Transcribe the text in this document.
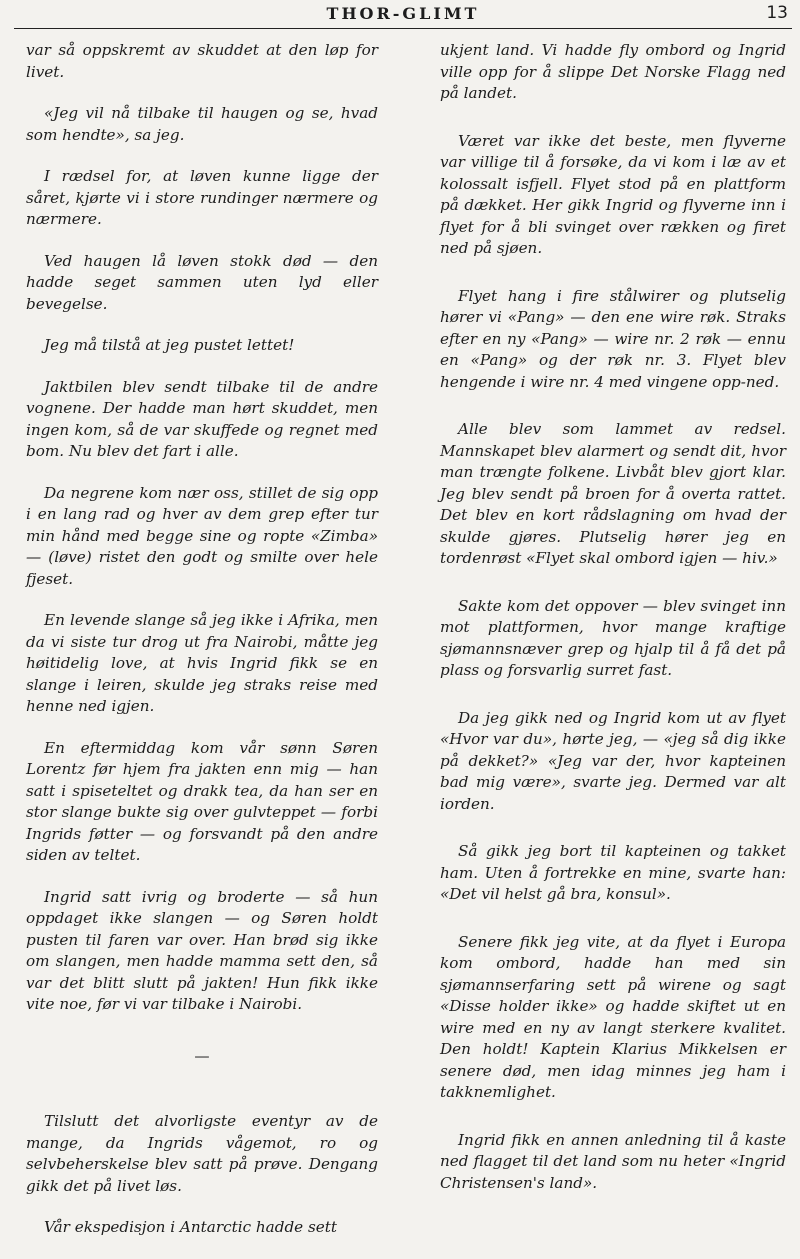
THOR-GLIMT	13

var så oppskremt av skuddet at den løp for livet.

«Jeg vil nå tilbake til haugen og se, hvad som hendte», sa jeg.

I rædsel for, at løven kunne ligge der såret, kjørte vi i store rundinger nærmere og nærmere.

Ved haugen lå løven stokk død — den hadde seget sammen uten lyd eller bevegelse.

Jeg må tilstå at jeg pustet lettet!

Jaktbilen blev sendt tilbake til de andre vognene. Der hadde man hørt skuddet, men ingen kom, så de var skuffede og regnet med bom. Nu blev det fart i alle.

Da negrene kom nær oss, stillet de sig opp i en lang rad og hver av dem grep efter tur min hånd med begge sine og ropte «Zimba» — (løve) ristet den godt og smilte over hele fjeset.

En levende slange så jeg ikke i Afrika, men da vi siste tur drog ut fra Nairobi, måtte jeg høitidelig love, at hvis Ingrid fikk se en slange i leiren, skulde jeg straks reise med henne ned igjen.

En eftermiddag kom vår sønn Søren Lorentz før hjem fra jakten enn mig — han satt i spiseteltet og drakk tea, da han ser en stor slange bukte sig over gulvteppet — forbi Ingrids føtter — og forsvandt på den andre siden av teltet.

Ingrid satt ivrig og broderte — så hun oppdaget ikke slangen — og Søren holdt pusten til faren var over. Han brød sig ikke om slangen, men hadde mamma sett den, så var det blitt slutt på jakten! Hun fikk ikke vite noe, før vi var tilbake i Nairobi.

—

Tilslutt det alvorligste eventyr av de mange, da Ingrids vågemot, ro og selvbeherskelse blev satt på prøve. Dengang gikk det på livet løs.

Vår ekspedisjon i Antarctic hadde sett

ukjent land. Vi hadde fly ombord og Ingrid ville opp for å slippe Det Norske Flagg ned på landet.

Været var ikke det beste, men flyverne var villige til å forsøke, da vi kom i læ av et kolossalt isfjell. Flyet stod på en plattform på dækket. Her gikk Ingrid og flyverne inn i flyet for å bli svinget over rækken og firet ned på sjøen.

Flyet hang i fire stålwirer og plutselig hører vi «Pang» — den ene wire røk. Straks efter en ny «Pang» — wire nr. 2 røk — ennu en «Pang» og der røk nr. 3. Flyet blev hengende i wire nr. 4 med vingene opp-ned.

Alle blev som lammet av redsel. Mannskapet blev alarmert og sendt dit, hvor man trængte folkene. Livbåt blev gjort klar. Jeg blev sendt på broen for å overta rattet. Det blev en kort rådslagning om hvad der skulde gjøres. Plutselig hører jeg en tordenrøst «Flyet skal ombord igjen — hiv.»

Sakte kom det oppover — blev svinget inn mot plattformen, hvor mange kraftige sjømannsnæver grep og hjalp til å få det på plass og forsvarlig surret fast.

Da jeg gikk ned og Ingrid kom ut av flyet «Hvor var du», hørte jeg, — «jeg så dig ikke på dekket?» «Jeg var der, hvor kapteinen bad mig være», svarte jeg. Dermed var alt iorden.

Så gikk jeg bort til kapteinen og takket ham. Uten å fortrekke en mine, svarte han: «Det vil helst gå bra, konsul».

Senere fikk jeg vite, at da flyet i Europa kom ombord, hadde han med sin sjømannserfaring sett på wirene og sagt «Disse holder ikke» og hadde skiftet ut en wire med en ny av langt sterkere kvalitet. Den holdt! Kaptein Klarius Mikkelsen er senere død, men idag minnes jeg ham i takknemlighet.

Ingrid fikk en annen anledning til å kaste ned flagget til det land som nu heter «Ingrid Christensen's land».
